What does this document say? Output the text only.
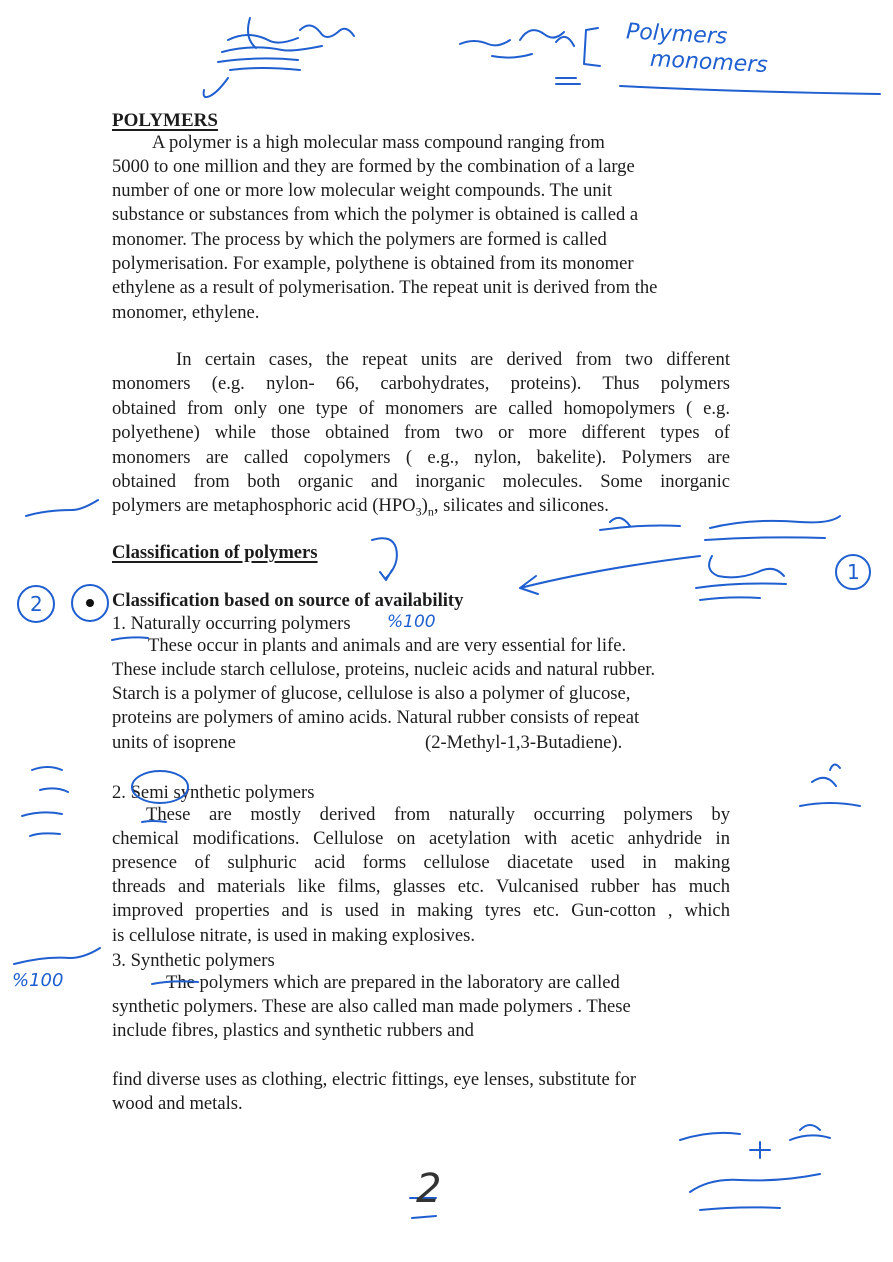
POLYMERS
A polymer is a high molecular mass compound ranging from
5000 to one million and they are formed by the combination of a large
number of one or more low molecular weight compounds. The unit
substance or substances from which the polymer is obtained is called a
monomer. The process by which the polymers are formed is called
polymerisation. For example, polythene is obtained from its monomer
ethylene as a result of polymerisation. The repeat unit is derived from the
monomer, ethylene.
In certain cases, the repeat units are derived from two different
monomers (e.g. nylon- 66, carbohydrates, proteins). Thus polymers
obtained from only one type of monomers are called homopolymers ( e.g.
polyethene) while those obtained from two or more different types of
monomers are called copolymers ( e.g., nylon, bakelite). Polymers are
obtained from both organic and inorganic molecules. Some inorganic
polymers are metaphosphoric acid $(HPO_3)_n$, silicates and silicones.
Classification of polymers
Classification based on source of availability
1. Naturally occurring polymers
These occur in plants and animals and are very essential for life.
These include starch cellulose, proteins, nucleic acids and natural rubber.
Starch is a polymer of glucose, cellulose is also a polymer of glucose,
proteins are polymers of amino acids. Natural rubber consists of repeat
units of isoprene	(2-Methyl-1,3-Butadiene).
2. Semi synthetic polymers
These are mostly derived from naturally occurring polymers by
chemical modifications. Cellulose on acetylation with acetic anhydride in
presence of sulphuric acid forms cellulose diacetate used in making
threads and materials like films, glasses etc. Vulcanised rubber has much
improved properties and is used in making tyres etc. Gun-cotton , which
is cellulose nitrate, is used in making explosives.
3. Synthetic polymers
The polymers which are prepared in the laboratory are called
synthetic polymers. These are also called man made polymers . These
include fibres, plastics and synthetic rubbers and
find diverse uses as clothing, electric fittings, eye lenses, substitute for
wood and metals.
Polymers
monomers
%100
%100
2
1
2
